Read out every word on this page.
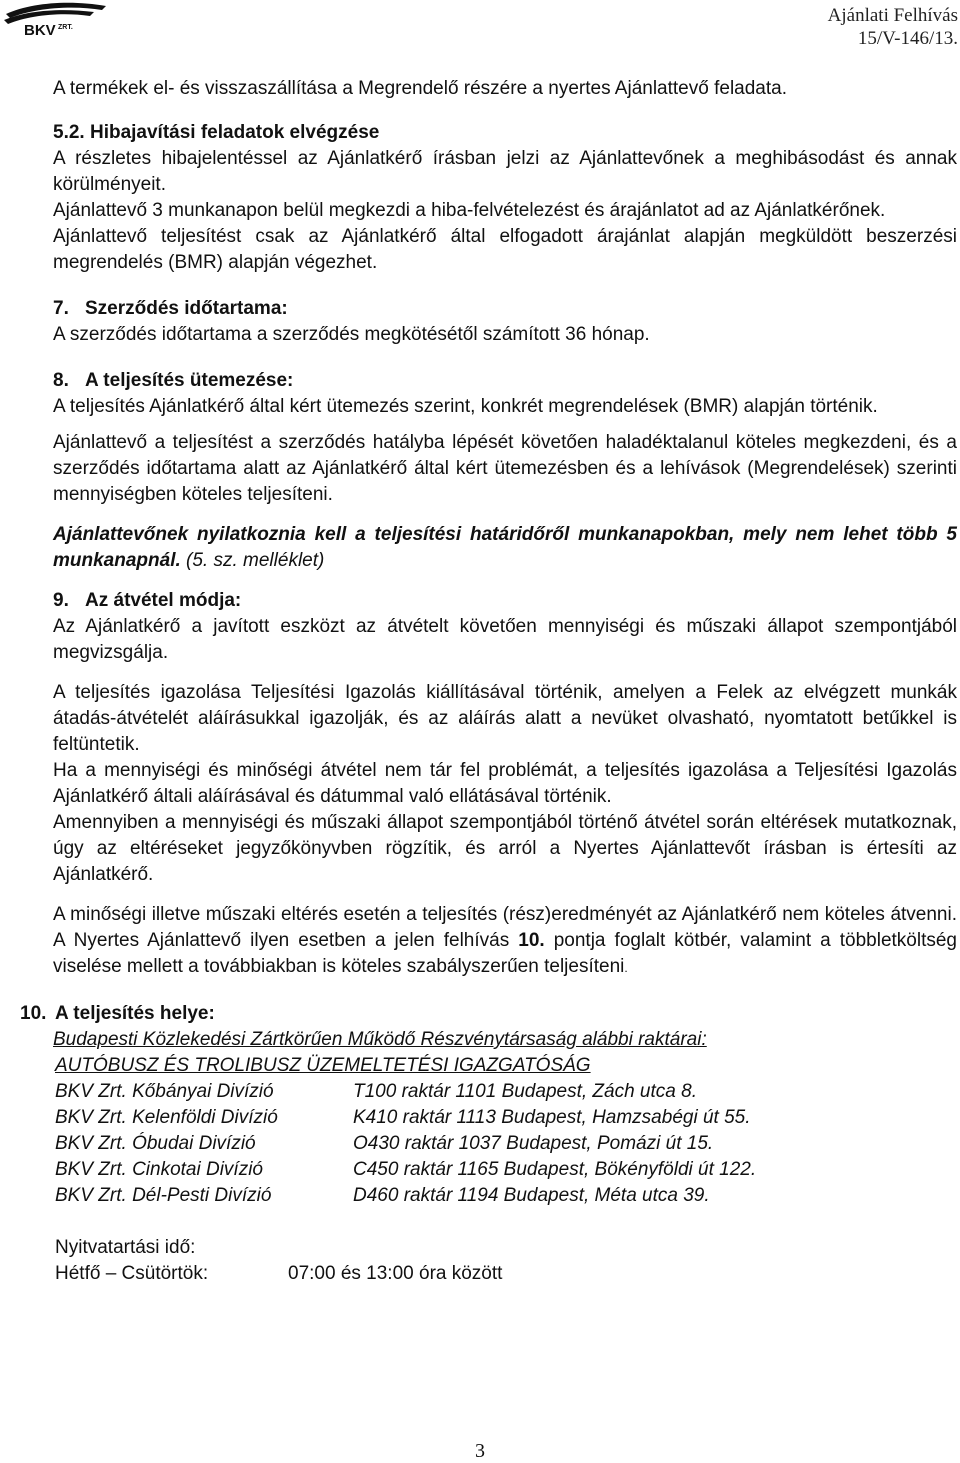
BKV ZRT.
Ajánlati Felhívás
15/V-146/13.

A termékek el- és visszaszállítása a Megrendelő részére a nyertes Ajánlattevő feladata.

5.2. Hibajavítási feladatok elvégzése

A részletes hibajelentéssel az Ajánlatkérő írásban jelzi az Ajánlattevőnek a meghibásodást és annak körülményeit.

Ajánlattevő 3 munkanapon belül megkezdi a hiba-felvételezést és árajánlatot ad az Ajánlatkérőnek.

Ajánlattevő teljesítést csak az Ajánlatkérő által elfogadott árajánlat alapján megküldött beszerzési megrendelés (BMR) alapján végezhet.

7. Szerződés időtartama:

A szerződés időtartama a szerződés megkötésétől számított 36 hónap.

8. A teljesítés ütemezése:

A teljesítés Ajánlatkérő által kért ütemezés szerint, konkrét megrendelések (BMR) alapján történik.

Ajánlattevő a teljesítést a szerződés hatályba lépését követően haladéktalanul köteles megkezdeni, és a szerződés időtartama alatt az Ajánlatkérő által kért ütemezésben és a lehívások (Megrendelések) szerinti mennyiségben köteles teljesíteni.

Ajánlattevőnek nyilatkoznia kell a teljesítési határidőről munkanapokban, mely nem lehet több 5 munkanapnál. (5. sz. melléklet)

9. Az átvétel módja:

Az Ajánlatkérő a javított eszközt az átvételt követően mennyiségi és műszaki állapot szempontjából megvizsgálja.

A teljesítés igazolása Teljesítési Igazolás kiállításával történik, amelyen a Felek az elvégzett munkák átadás-átvételét aláírásukkal igazolják, és az aláírás alatt a nevüket olvasható, nyomtatott betűkkel is feltüntetik.

Ha a mennyiségi és minőségi átvétel nem tár fel problémát, a teljesítés igazolása a Teljesítési Igazolás Ajánlatkérő általi aláírásával és dátummal való ellátásával történik.

Amennyiben a mennyiségi és műszaki állapot szempontjából történő átvétel során eltérések mutatkoznak, úgy az eltéréseket jegyzőkönyvben rögzítik, és arról a Nyertes Ajánlattevőt írásban is értesíti az Ajánlatkérő.

A minőségi illetve műszaki eltérés esetén a teljesítés (rész)eredményét az Ajánlatkérő nem köteles átvenni. A Nyertes Ajánlattevő ilyen esetben a jelen felhívás 10. pontja foglalt kötbér, valamint a többletköltség viselése mellett a továbbiakban is köteles szabályszerűen teljesíteni.

10. A teljesítés helye:
Budapesti Közlekedési Zártkörűen Működő Részvénytársaság alábbi raktárai:
AUTÓBUSZ ÉS TROLIBUSZ ÜZEMELTETÉSI IGAZGATÓSÁG
BKV Zrt. Kőbányai Divízió	T100 raktár 1101 Budapest, Zách utca 8.
BKV Zrt. Kelenföldi Divízió	K410 raktár 1113 Budapest, Hamzsabégi út 55.
BKV Zrt. Óbudai Divízió	O430 raktár 1037 Budapest, Pomázi út 15.
BKV Zrt. Cinkotai Divízió	C450 raktár 1165 Budapest, Bökényföldi út 122.
BKV Zrt. Dél-Pesti Divízió	D460 raktár 1194 Budapest, Méta utca 39.
Nyitvatartási idő:
Hétfő – Csütörtök:	07:00 és 13:00 óra között
3
